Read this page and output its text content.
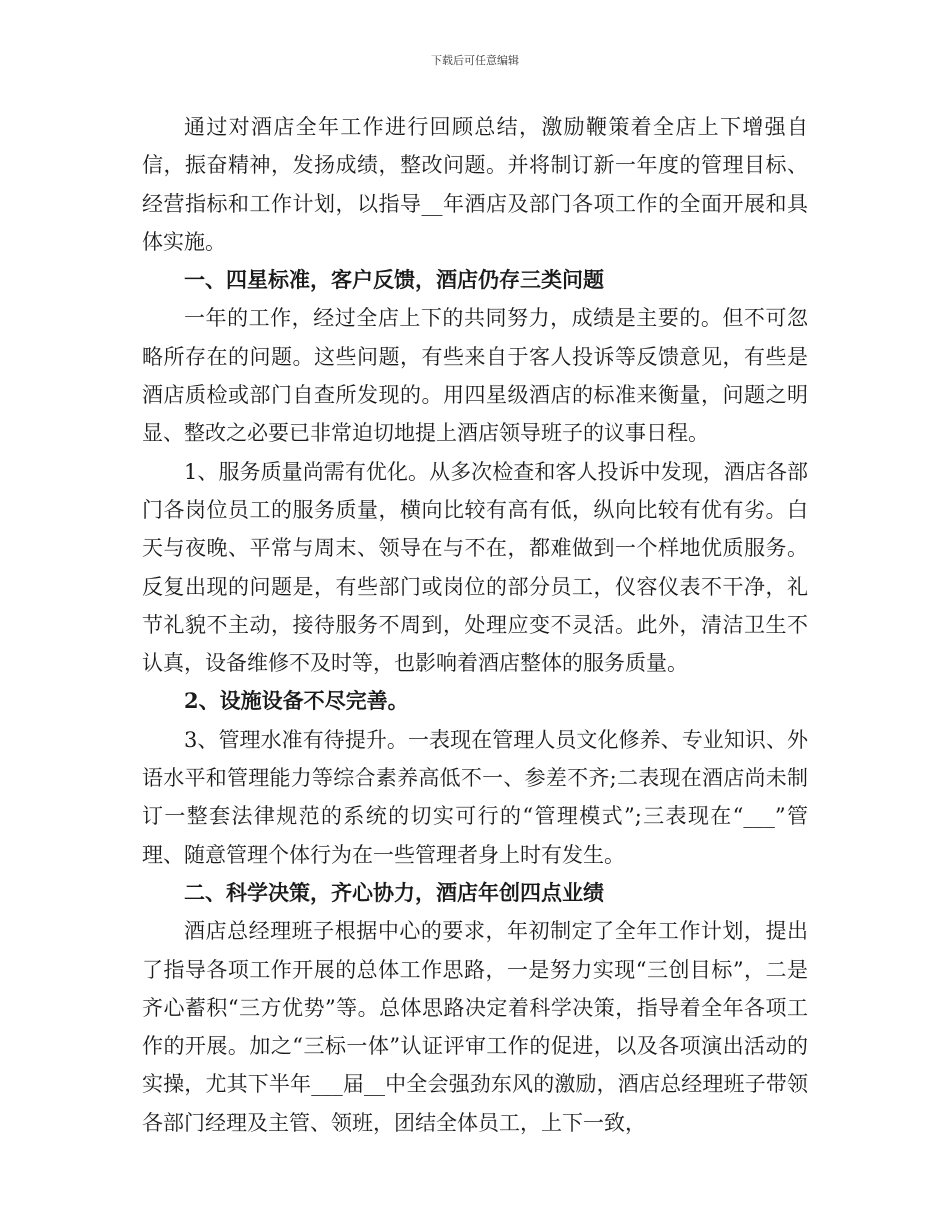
下载后可任意编辑

通过对酒店全年工作进行回顾总结，激励鞭策着全店上下增强自信，振奋精神，发扬成绩，整改问题。并将制订新一年度的管理目标、经营指标和工作计划，以指导__年酒店及部门各项工作的全面开展和具体实施。

一、四星标准，客户反馈，酒店仍存三类问题

一年的工作，经过全店上下的共同努力，成绩是主要的。但不可忽略所存在的问题。这些问题，有些来自于客人投诉等反馈意见，有些是酒店质检或部门自查所发现的。用四星级酒店的标准来衡量，问题之明显、整改之必要已非常迫切地提上酒店领导班子的议事日程。

1、服务质量尚需有优化。从多次检查和客人投诉中发现，酒店各部门各岗位员工的服务质量，横向比较有高有低，纵向比较有优有劣。白天与夜晚、平常与周末、领导在与不在，都难做到一个样地优质服务。反复出现的问题是，有些部门或岗位的部分员工，仪容仪表不干净，礼节礼貌不主动，接待服务不周到，处理应变不灵活。此外，清洁卫生不认真，设备维修不及时等，也影响着酒店整体的服务质量。

2、设施设备不尽完善。

3、管理水准有待提升。一表现在管理人员文化修养、专业知识、外语水平和管理能力等综合素养高低不一、参差不齐;二表现在酒店尚未制订一整套法律规范的系统的切实可行的“管理模式”;三表现在“___”管理、随意管理个体行为在一些管理者身上时有发生。

二、科学决策，齐心协力，酒店年创四点业绩

酒店总经理班子根据中心的要求，年初制定了全年工作计划，提出了指导各项工作开展的总体工作思路，一是努力实现“三创目标”，二是齐心蓄积“三方优势”等。总体思路决定着科学决策，指导着全年各项工作的开展。加之“三标一体”认证评审工作的促进，以及各项演出活动的实操，尤其下半年___届__中全会强劲东风的激励，酒店总经理班子带领各部门经理及主管、领班，团结全体员工，上下一致，
